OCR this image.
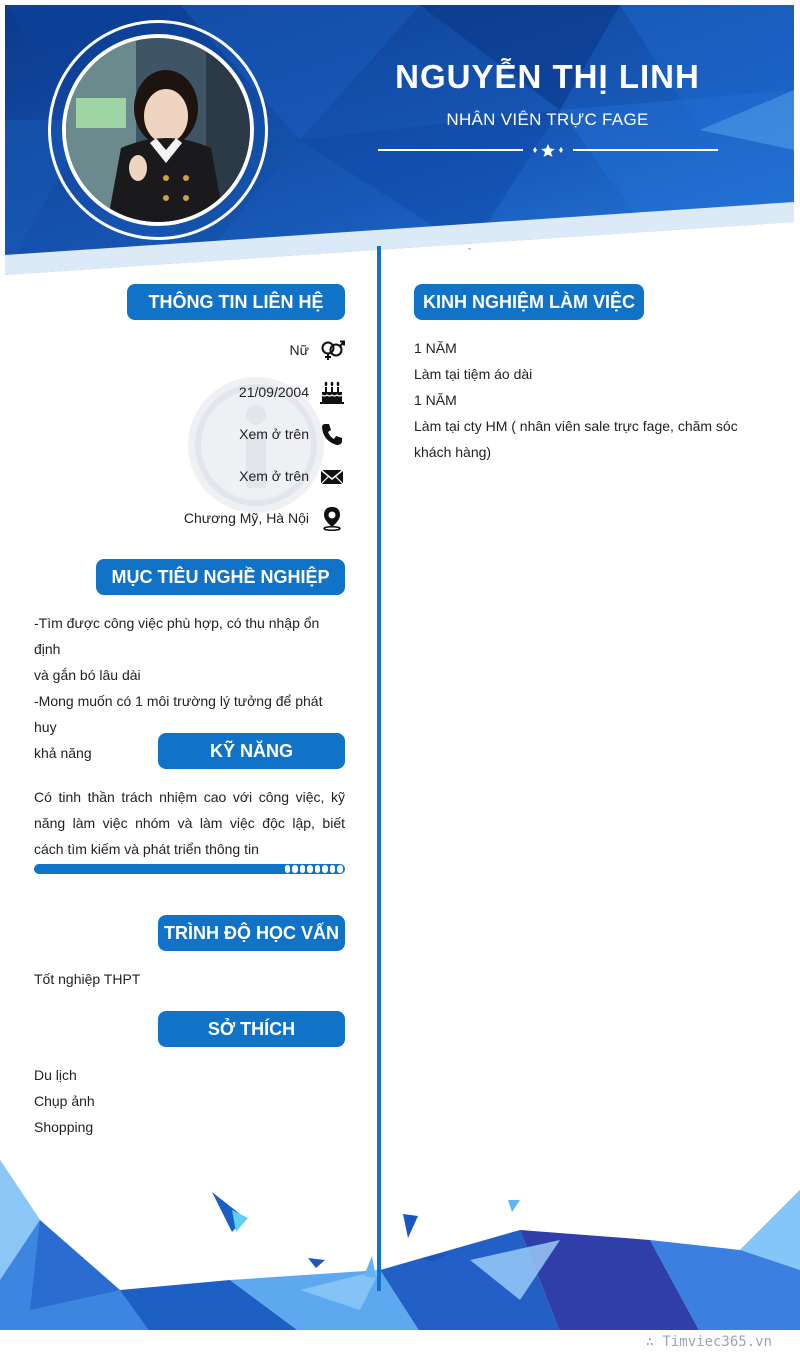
NGUYỄN THỊ LINH
NHÂN VIÊN TRỰC FAGE
THÔNG TIN LIÊN HỆ
Nữ
21/09/2004
Xem ở trên
Xem ở trên
Chương Mỹ, Hà Nội
MỤC TIÊU NGHỀ NGHIỆP
-Tìm được công việc phù hợp, có thu nhập ổn định
và gắn bó lâu dài
-Mong muốn có 1 môi trường lý tưởng để phát huy
khả năng	KỸ NĂNG
Có tinh thần trách nhiệm cao với công việc, kỹ năng làm việc nhóm và làm việc độc lập, biết cách tìm kiếm và phát triển thông tin
TRÌNH ĐỘ HỌC VẤN
Tốt nghiệp THPT
SỞ THÍCH
Du lịch
Chụp ảnh
Shopping
KINH NGHIỆM LÀM VIỆC
1 NĂM
Làm tại tiệm áo dài
1 NĂM
Làm tại cty HM ( nhân viên sale trực fage, chăm sóc khách hàng)
∴ Timviec365.vn
